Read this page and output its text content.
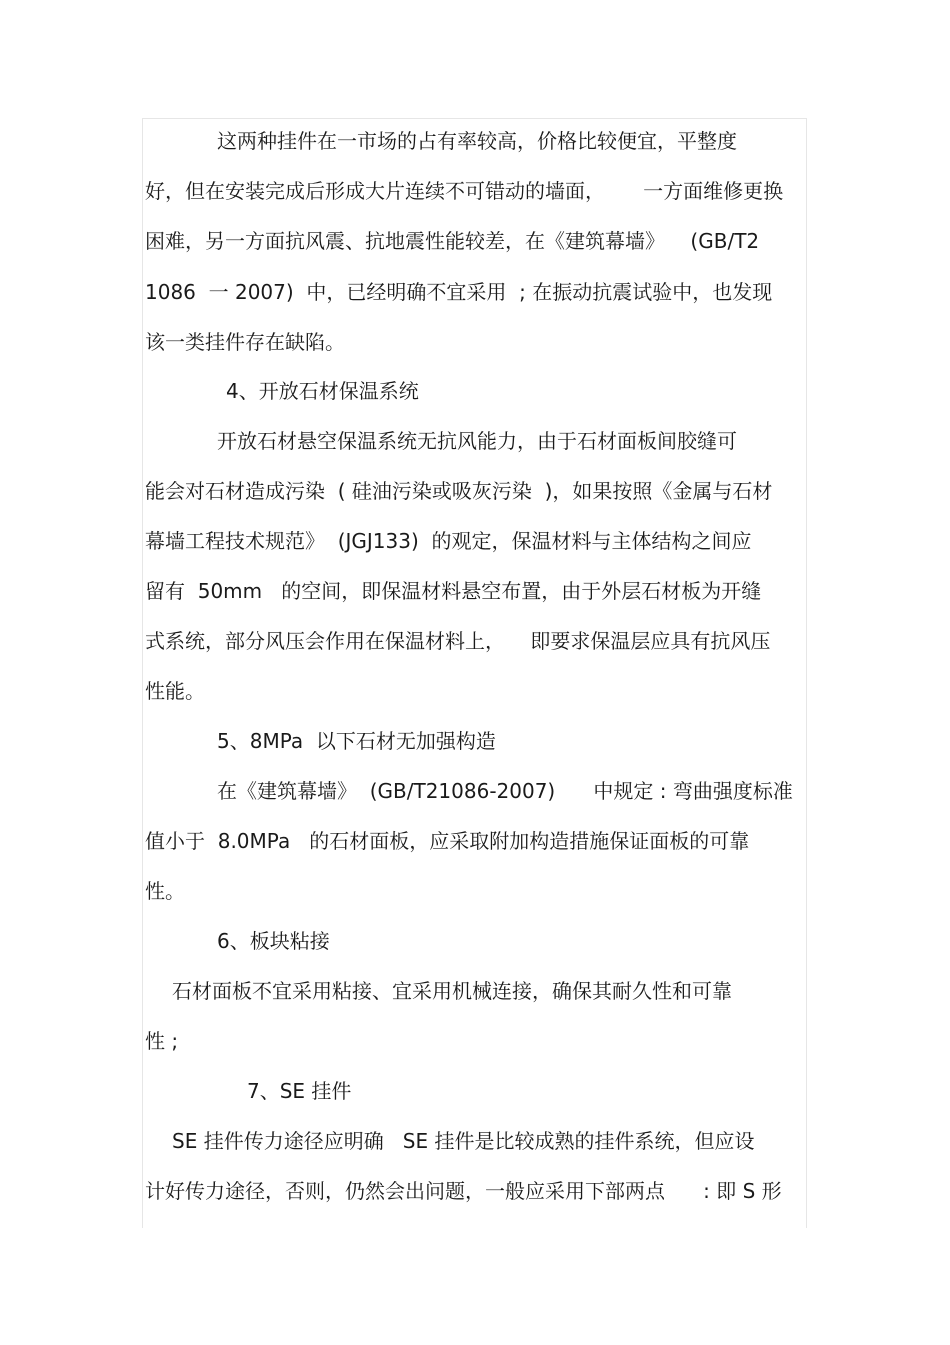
这两种挂件在一市场的占有率较高，价格比较便宜，平整度
好，但在安装完成后形成大片连续不可错动的墙面，      一方面维修更换
困难，另一方面抗风震、抗地震性能较差，在《建筑幕墙》    (GB/T2
1086  一 2007)  中，已经明确不宜采用  ; 在振动抗震试验中，也发现
该一类挂件存在缺陷。
4、开放石材保温系统
开放石材悬空保温系统无抗风能力，由于石材面板间胶缝可
能会对石材造成污染  ( 硅油污染或吸灰污染  )，如果按照《金属与石材
幕墙工程技术规范》  (JGJ133)  的观定，保温材料与主体结构之间应
留有  50mm   的空间，即保温材料悬空布置，由于外层石材板为开缝
式系统，部分风压会作用在保温材料上，    即要求保温层应具有抗风压
性能。
5、8MPa  以下石材无加强构造
在《建筑幕墙》  (GB/T21086-2007)      中规定 : 弯曲强度标准
值小于  8.0MPa   的石材面板，应采取附加构造措施保证面板的可靠
性。
6、板块粘接
石材面板不宜采用粘接、宜采用机械连接，确保其耐久性和可靠
性 ;
7、SE 挂件
SE 挂件传力途径应明确   SE 挂件是比较成熟的挂件系统，但应设
计好传力途径，否则，仍然会出问题，一般应采用下部两点      : 即 S 形
